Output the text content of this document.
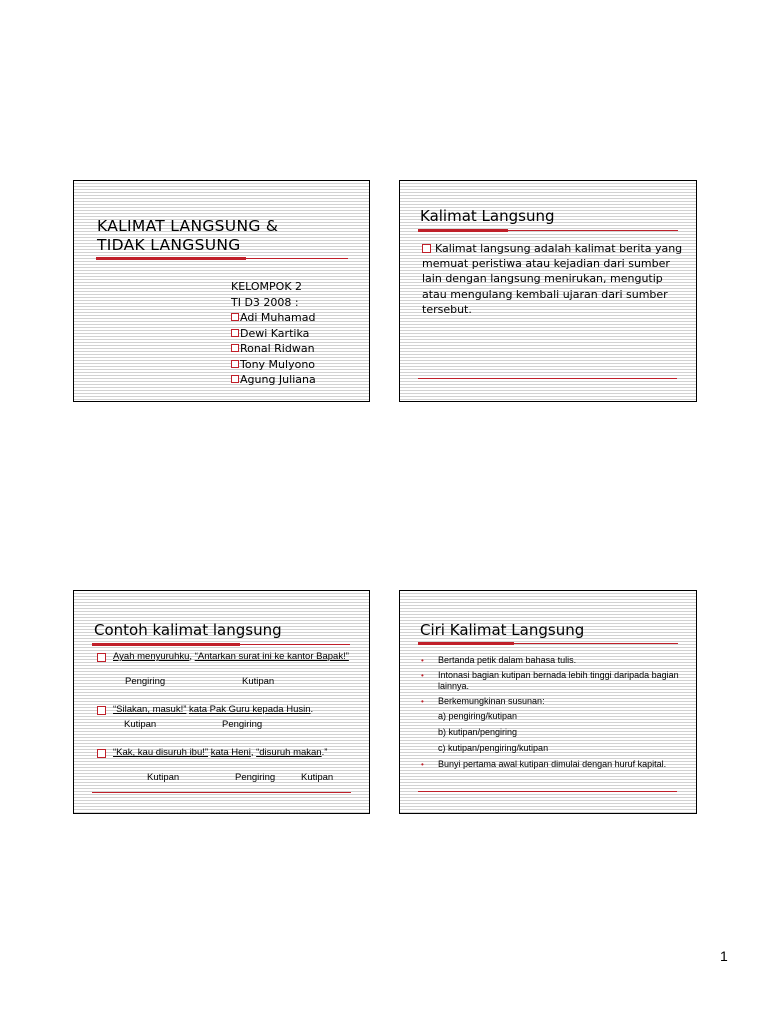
KALIMAT LANGSUNG &
TIDAK LANGSUNG
KELOMPOK 2
TI D3 2008 :
Adi Muhamad
Dewi Kartika
Ronal Ridwan
Tony Mulyono
Agung Juliana
Kalimat Langsung
Kalimat langsung adalah kalimat berita yang memuat peristiwa atau kejadian dari sumber lain dengan langsung menirukan, mengutip atau mengulang kembali ujaran dari sumber tersebut.
Contoh kalimat langsung
Ayah menyuruhku, “Antarkan surat ini ke kantor Bapak!”
Pengiring	Kutipan
“Silakan, masuk!” kata Pak Guru kepada Husin.
Kutipan	Pengiring
“Kak, kau disuruh ibu!” kata Heni, “disuruh makan.”
Kutipan	Pengiring	Kutipan
Ciri Kalimat Langsung
• Bertanda petik dalam bahasa tulis.
• Intonasi bagian kutipan bernada lebih tinggi daripada bagian lainnya.
• Berkemungkinan susunan:
a) pengiring/kutipan
b) kutipan/pengiring
c) kutipan/pengiring/kutipan
• Bunyi pertama awal kutipan dimulai dengan huruf kapital.
1
